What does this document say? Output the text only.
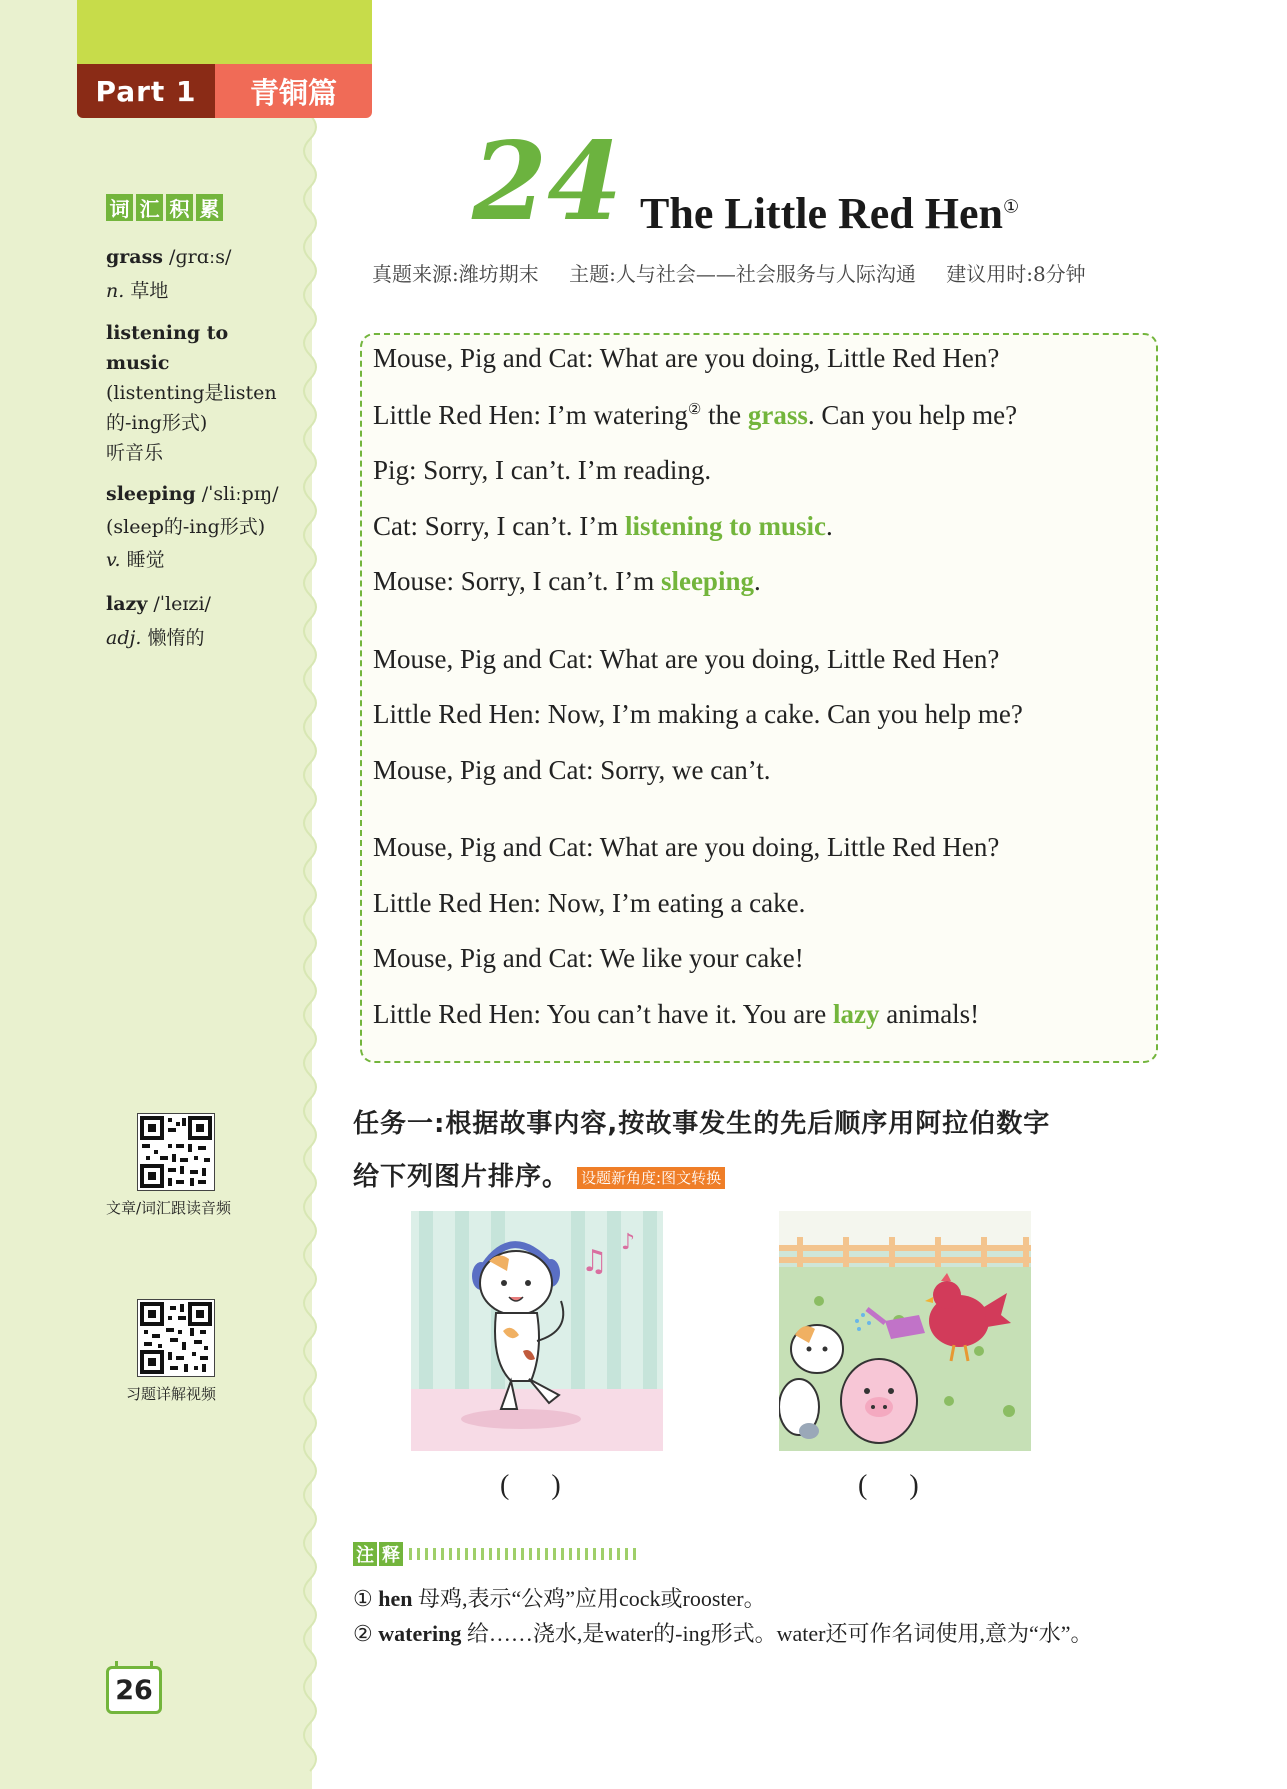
Part 1	青铜篇
词 汇 积 累
grass /ɡrɑːs/
n. 草地
listening to
music
(listenting是listen
的-ing形式)
听音乐
sleeping /ˈsliːpɪŋ/
(sleep的-ing形式)
v. 睡觉
lazy /ˈleɪzi/
adj. 懒惰的
文章/词汇跟读音频
习题详解视频
26
24 The Little Red Hen①
真题来源:潍坊期末 主题:人与社会——社会服务与人际沟通 建议用时:8分钟
Mouse, Pig and Cat: What are you doing, Little Red Hen?
Little Red Hen: I’m watering② the grass. Can you help me?
Pig: Sorry, I can’t. I’m reading.
Cat: Sorry, I can’t. I’m listening to music.
Mouse: Sorry, I can’t. I’m sleeping.
Mouse, Pig and Cat: What are you doing, Little Red Hen?
Little Red Hen: Now, I’m making a cake. Can you help me?
Mouse, Pig and Cat: Sorry, we can’t.
Mouse, Pig and Cat: What are you doing, Little Red Hen?
Little Red Hen: Now, I’m eating a cake.
Mouse, Pig and Cat: We like your cake!
Little Red Hen: You can’t have it. You are lazy animals!
任务一:根据故事内容,按故事发生的先后顺序用阿拉伯数字
给下列图片排序。 设题新角度:图文转换
♫
♪
(      )	(      )
注 释
① hen 母鸡,表示“公鸡”应用cock或rooster。
② watering 给……浇水,是water的-ing形式。water还可作名词使用,意为“水”。
